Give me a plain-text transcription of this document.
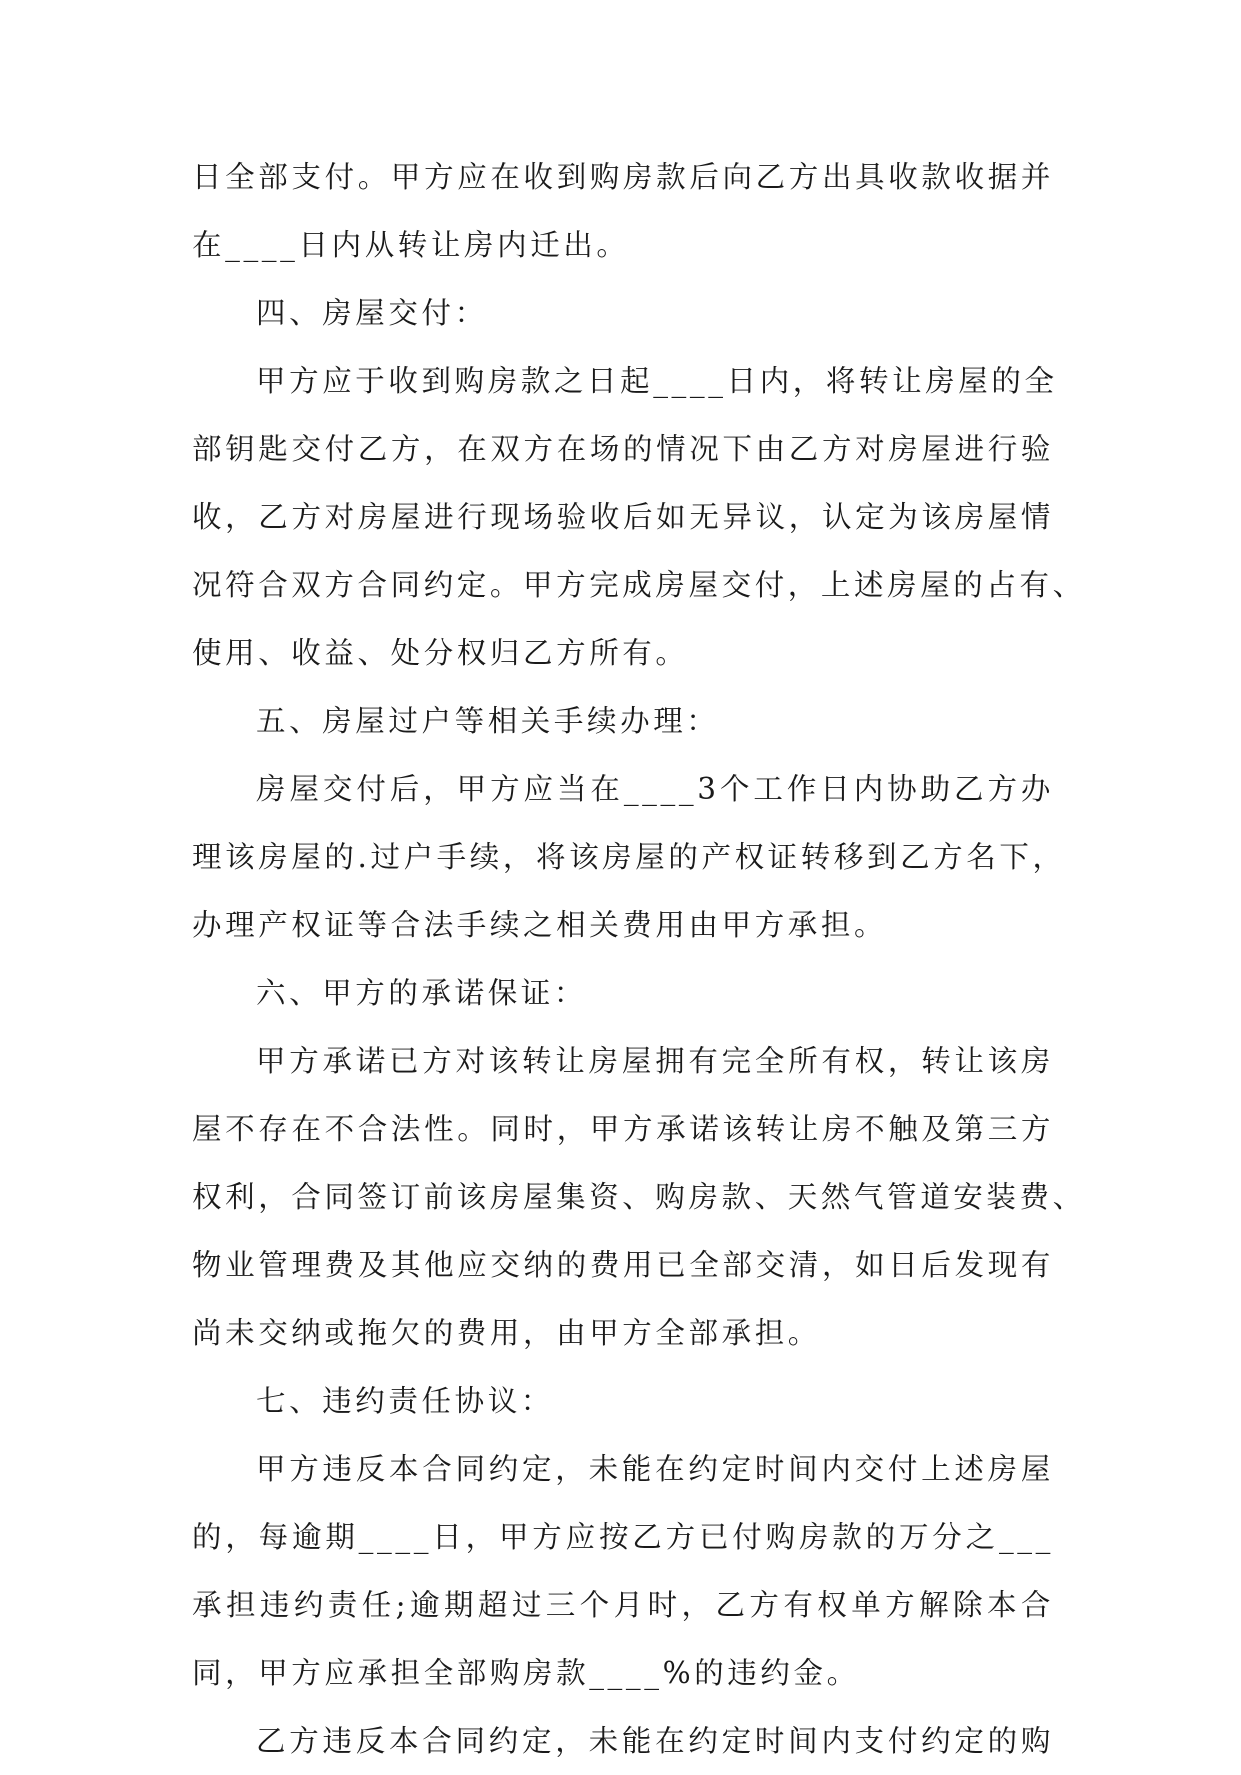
日全部支付。甲方应在收到购房款后向乙方出具收款收据并
在____日内从转让房内迁出。
四、房屋交付：
甲方应于收到购房款之日起____日内，将转让房屋的全
部钥匙交付乙方，在双方在场的情况下由乙方对房屋进行验
收，乙方对房屋进行现场验收后如无异议，认定为该房屋情
况符合双方合同约定。甲方完成房屋交付，上述房屋的占有、
使用、收益、处分权归乙方所有。
五、房屋过户等相关手续办理：
房屋交付后，甲方应当在____3个工作日内协助乙方办
理该房屋的.过户手续，将该房屋的产权证转移到乙方名下，
办理产权证等合法手续之相关费用由甲方承担。
六、甲方的承诺保证：
甲方承诺已方对该转让房屋拥有完全所有权，转让该房
屋不存在不合法性。同时，甲方承诺该转让房不触及第三方
权利，合同签订前该房屋集资、购房款、天然气管道安装费、
物业管理费及其他应交纳的费用已全部交清，如日后发现有
尚未交纳或拖欠的费用，由甲方全部承担。
七、违约责任协议：
甲方违反本合同约定，未能在约定时间内交付上述房屋
的，每逾期____日，甲方应按乙方已付购房款的万分之___
承担违约责任;逾期超过三个月时，乙方有权单方解除本合
同，甲方应承担全部购房款____%的违约金。
乙方违反本合同约定，未能在约定时间内支付约定的购
